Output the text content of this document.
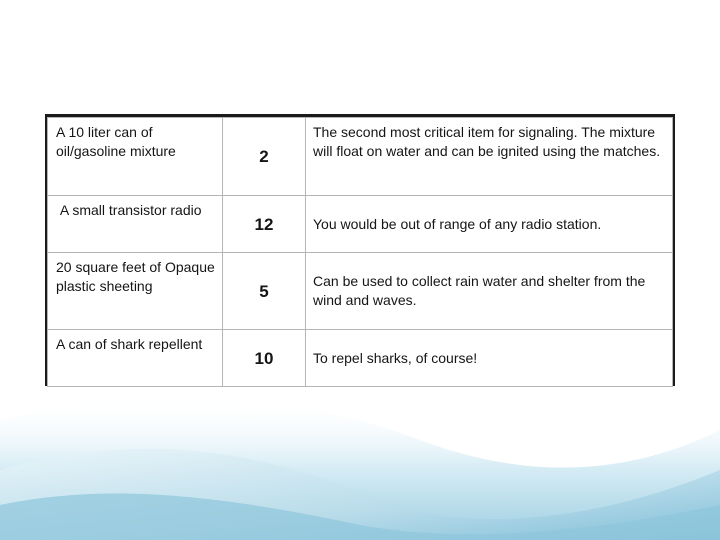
A 10 liter can of oil/gasoline mixture	2	The second most critical item for signaling. The mixture will float on water and can be ignited using the matches.
A small transistor radio	12	You would be out of range of any radio station.
20 square feet of Opaque plastic sheeting	5	Can be used to collect rain water and shelter from the wind and waves.
A can of shark repellent	10	To repel sharks, of course!
